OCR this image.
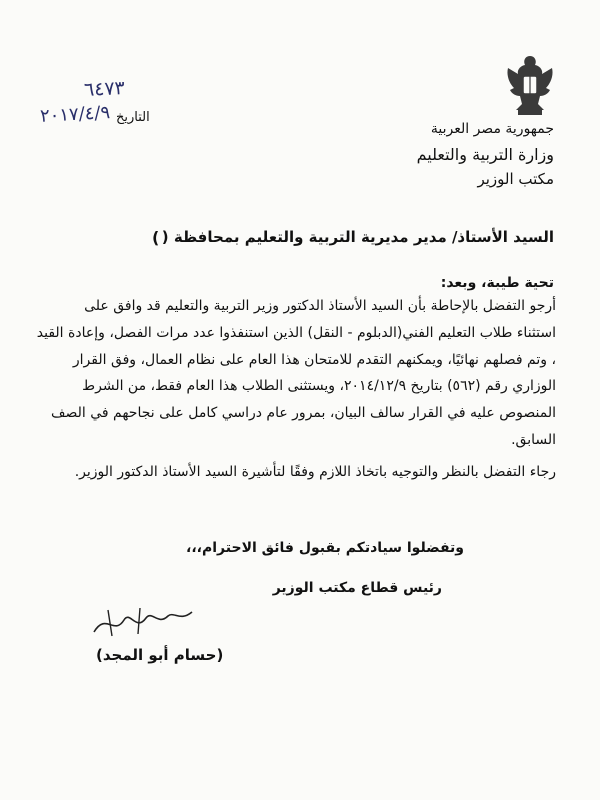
٦٤٧٣
٢٠١٧/٤/٩ التاريخ
جمهورية مصر العربية
وزارة التربية والتعليم
مكتب الوزير
السيد الأستاذ/ مدير مديرية التربية والتعليم بمحافظة (
)
تحية طيبة، وبعد:
أرجو التفضل بالإحاطة بأن السيد الأستاذ الدكتور وزير التربية والتعليم قد وافق على
استثناء طلاب التعليم الفني(الدبلوم - النقل) الذين استنفذوا عدد مرات الفصل، وإعادة القيد
، وتم فصلهم نهائيًا، ويمكنهم التقدم للامتحان هذا العام على نظام العمال، وفق القرار
الوزاري رقم (٥٦٢) بتاريخ ٢٠١٤/١٢/٩، ويستثنى الطلاب هذا العام فقط، من الشرط
المنصوص عليه في القرار سالف البيان، بمرور عام دراسي كامل على نجاحهم في الصف
السابق.
رجاء التفضل بالنظر والتوجيه باتخاذ اللازم وفقًا لتأشيرة السيد الأستاذ الدكتور الوزير.
وتفضلوا سيادتكم بقبول فائق الاحترام،،،
رئيس قطاع مكتب الوزير
(حسام أبو المجد)
